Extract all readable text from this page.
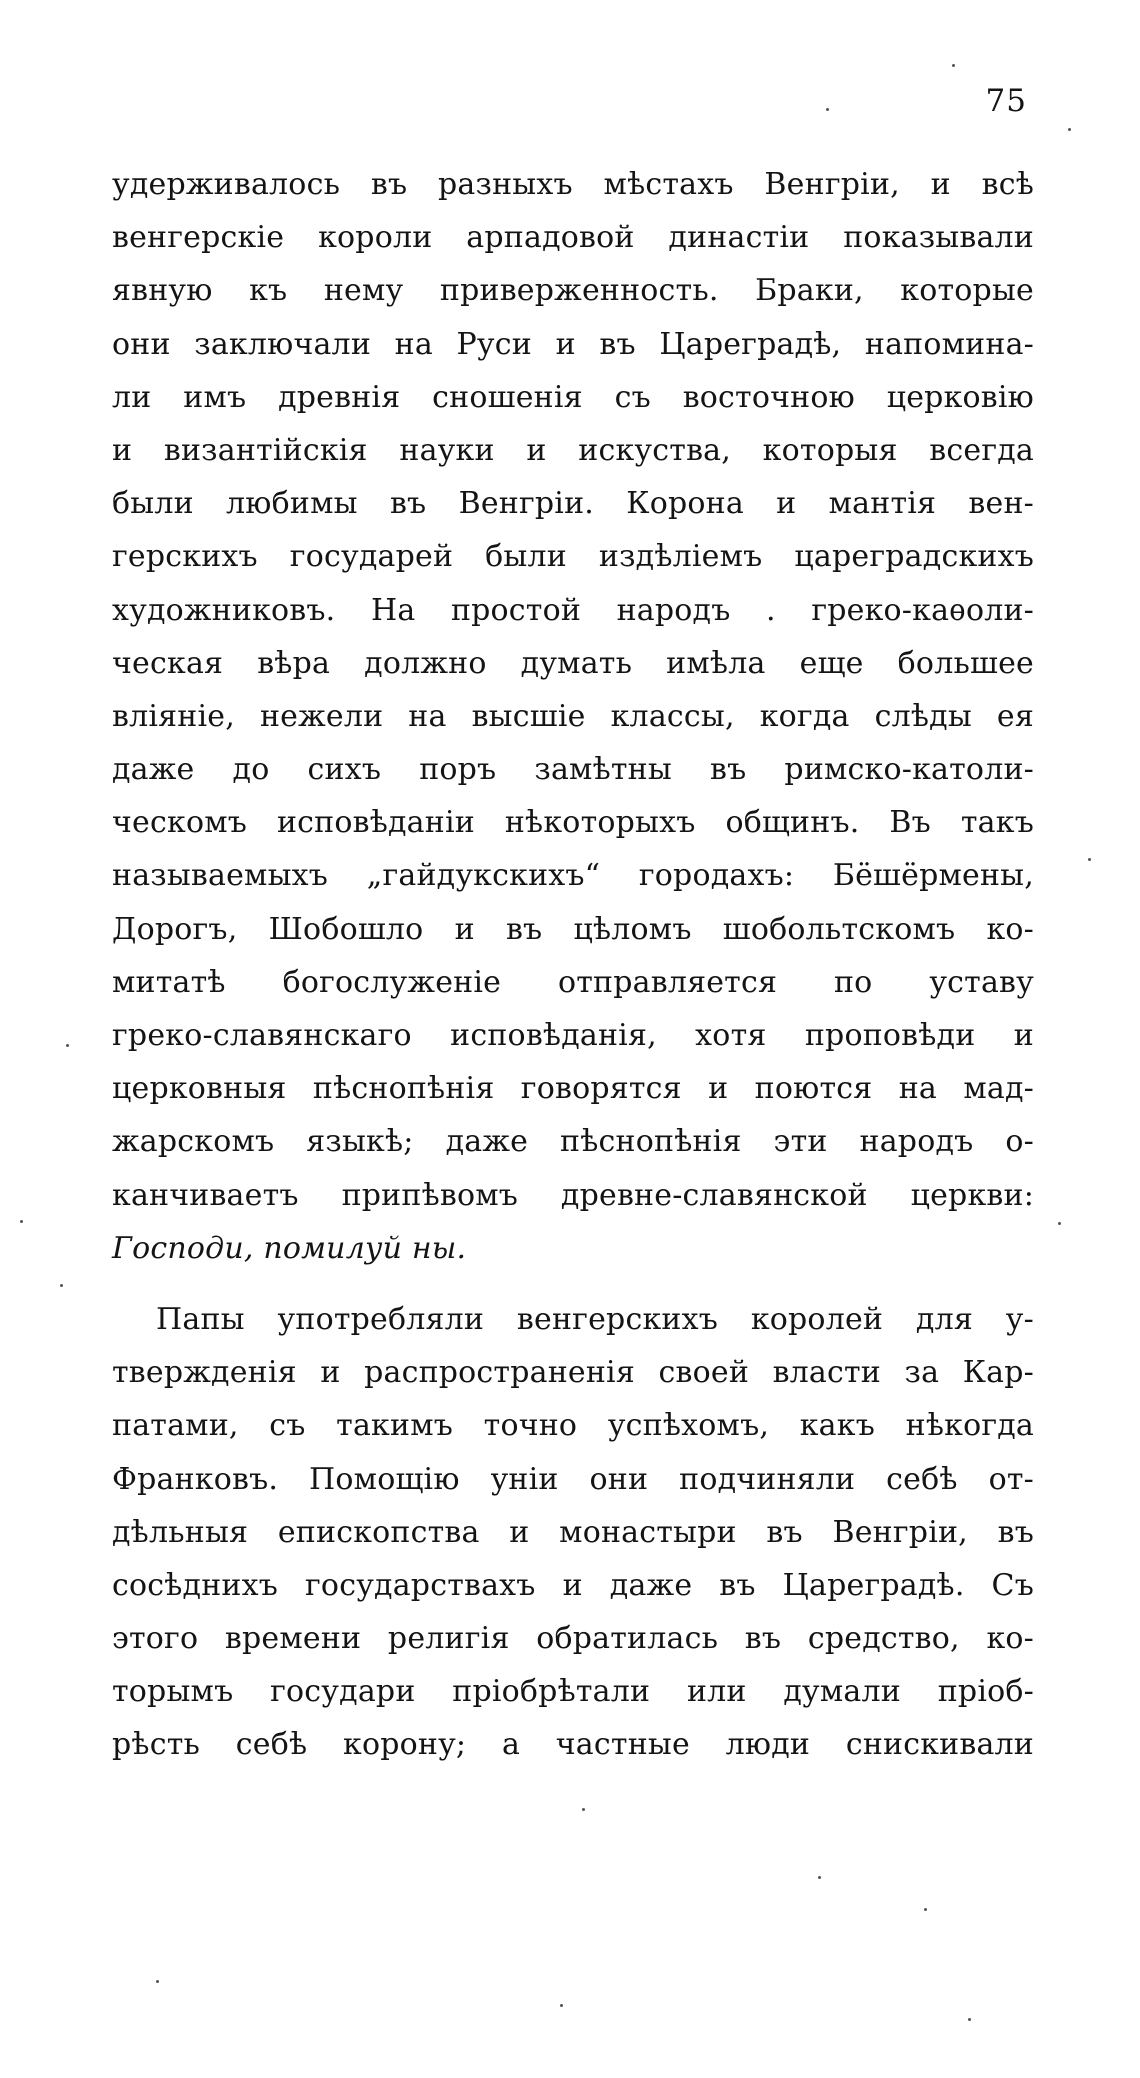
75
удерживалось въ разныхъ мѣстахъ Венгріи, и всѣ
венгерскіе короли арпадовой династіи показывали
явную къ нему приверженность. Браки, которые
они заключали на Руси и въ Цареградѣ, напомина-
ли имъ древнія сношенія съ восточною церковію
и византійскія науки и искуства, которыя всегда
были любимы въ Венгріи. Корона и мантія вен-
герскихъ государей были издѣліемъ цареградскихъ
художниковъ. На простой народъ . греко-каѳоли-
ческая вѣра должно думать имѣла еще большее
вліяніе, нежели на высшіе классы, когда слѣды ея
даже до сихъ поръ замѣтны въ римско-католи-
ческомъ исповѣданіи нѣкоторыхъ общинъ. Въ такъ
называемыхъ „гайдукскихъ“ городахъ: Бёшёрмены,
Дорогъ, Шобошло и въ цѣломъ шобольтскомъ ко-
митатѣ богослуженіе отправляется по уставу
греко-славянскаго исповѣданія, хотя проповѣди и
церковныя пѣснопѣнія говорятся и поются на мад-
жарскомъ языкѣ; даже пѣснопѣнія эти народъ о-
канчиваетъ припѣвомъ древне-славянской церкви:
Господи, помилуй ны.
Папы употребляли венгерскихъ королей для у-
твержденія и распространенія своей власти за Кар-
патами, съ такимъ точно успѣхомъ, какъ нѣкогда
Франковъ. Помощію уніи они подчиняли себѣ от-
дѣльныя епископства и монастыри въ Венгріи, въ
сосѣднихъ государствахъ и даже въ Цареградѣ. Съ
этого времени религія обратилась въ средство, ко-
торымъ государи пріобрѣтали или думали пріоб-
рѣсть себѣ корону; а частные люди снискивали
